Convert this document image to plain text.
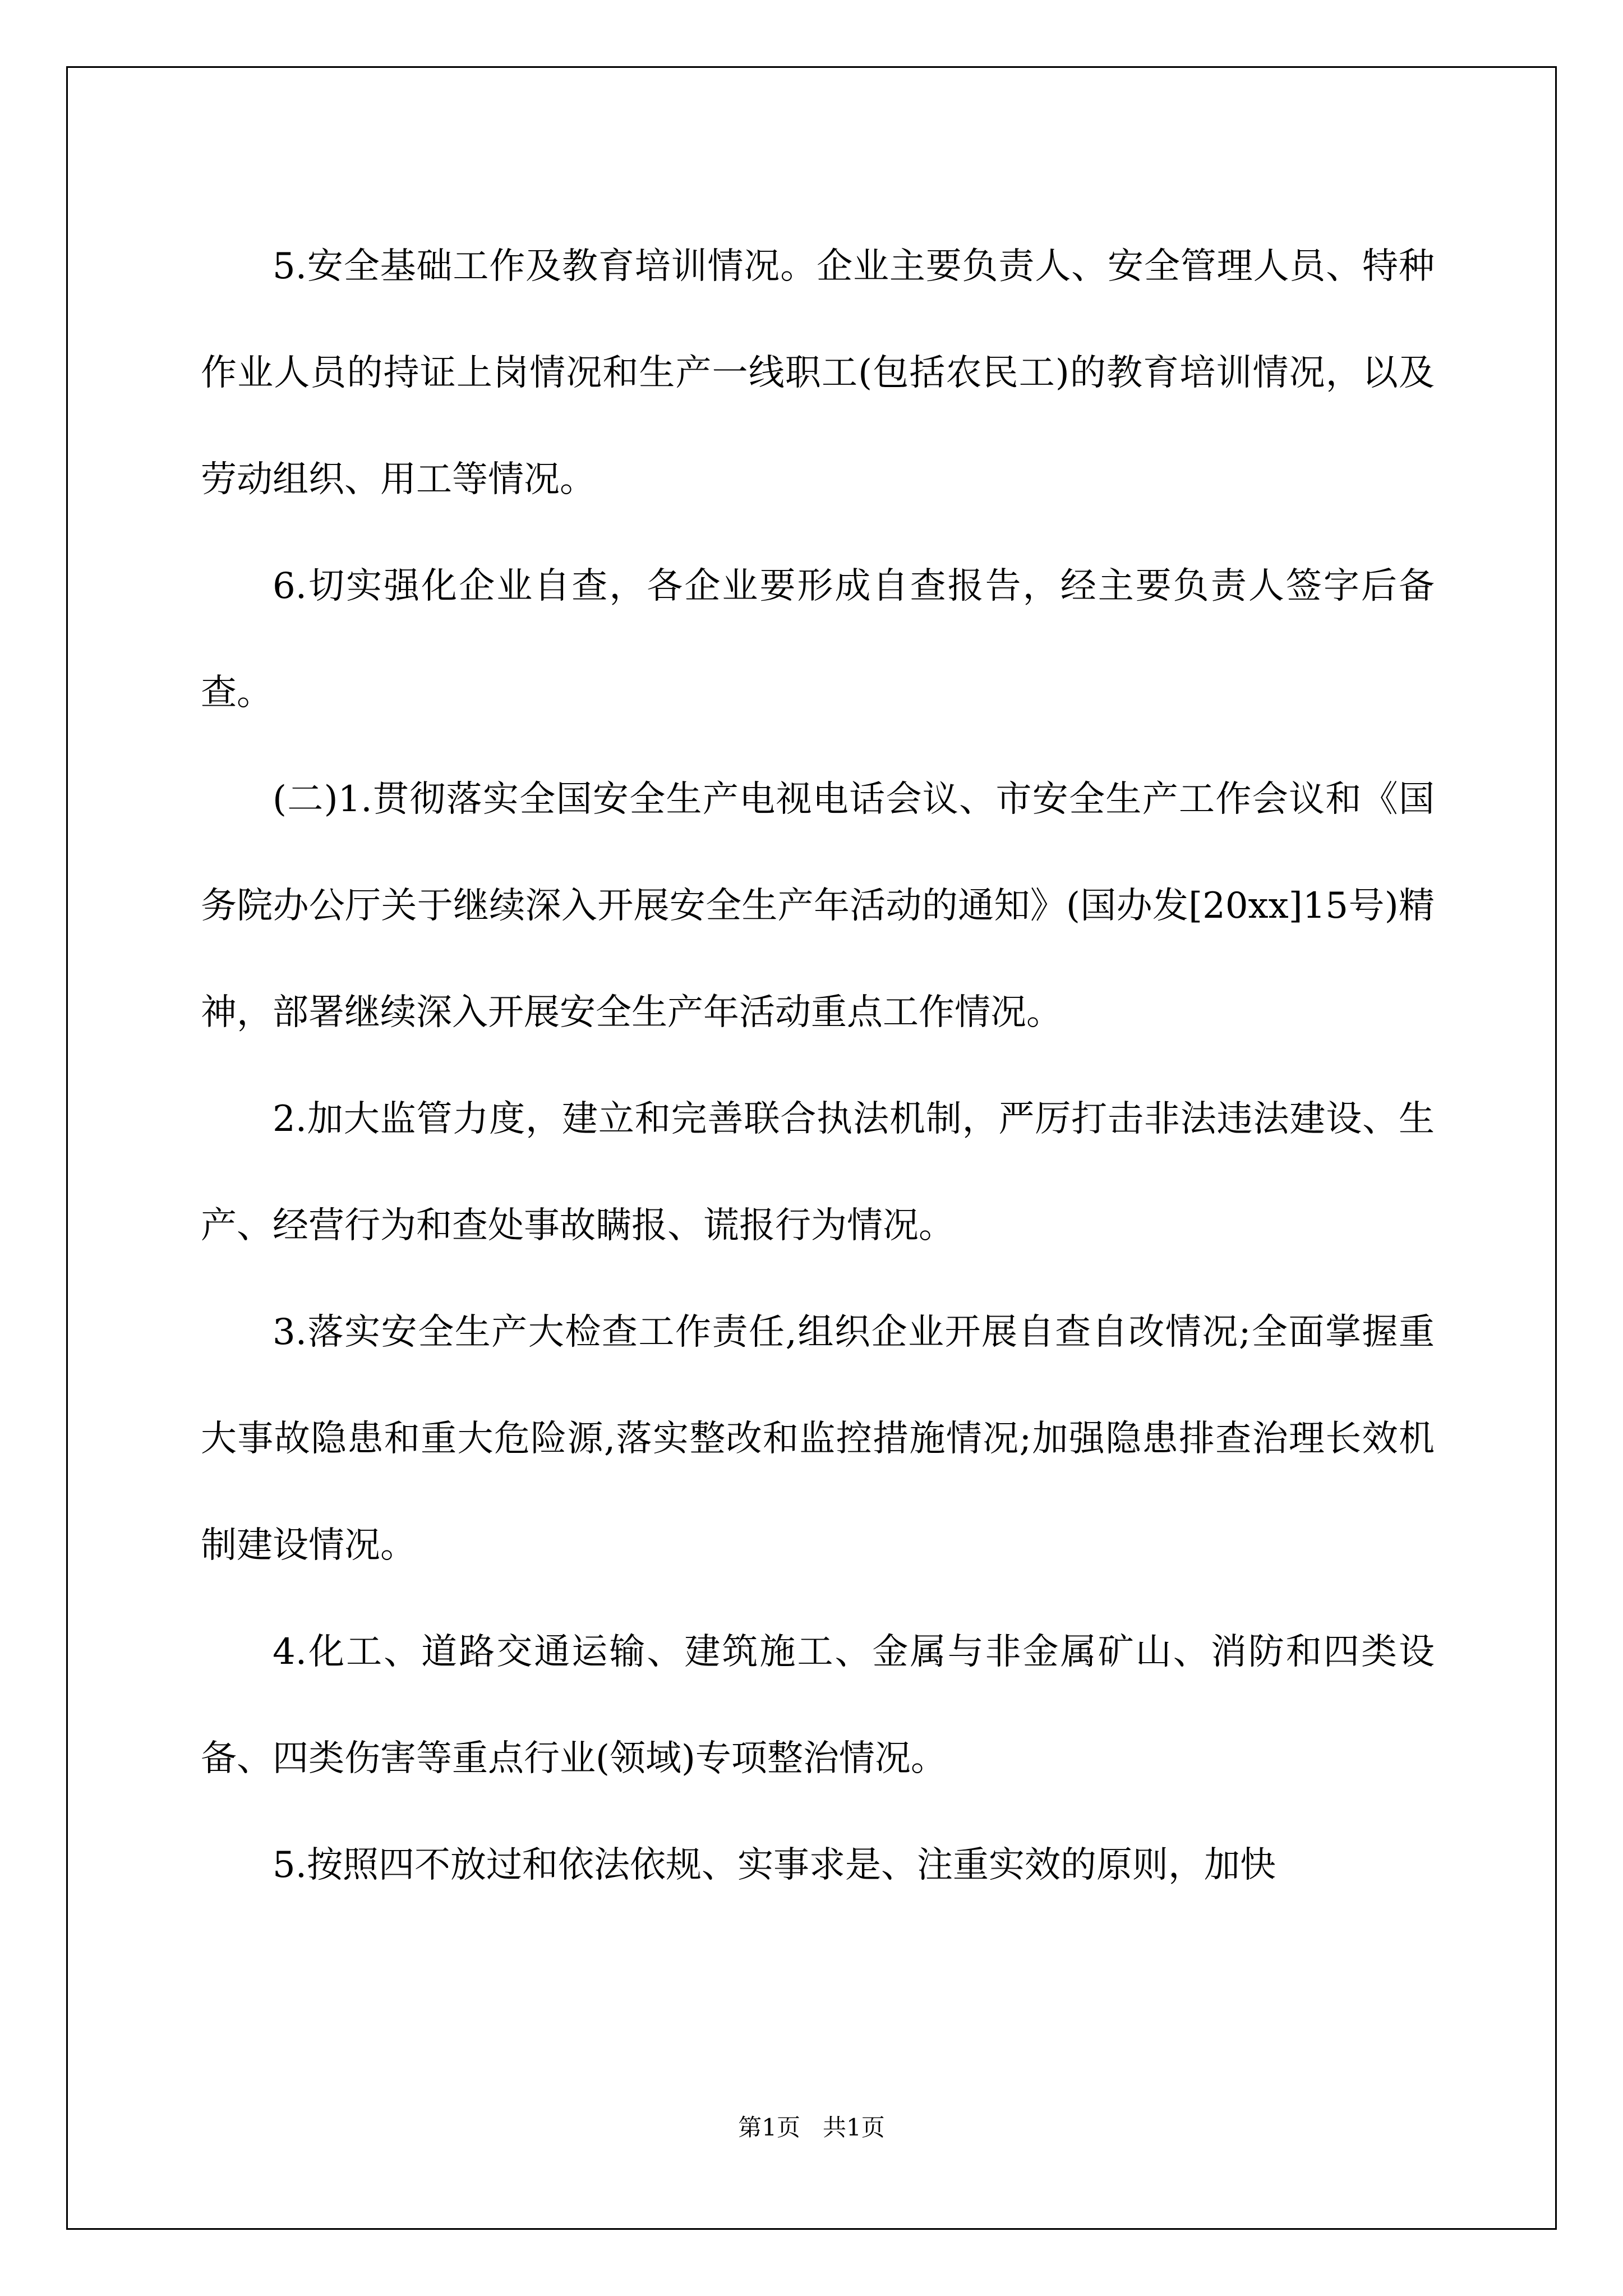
5.安全基础工作及教育培训情况。企业主要负责人、安全管理人员、特种作业人员的持证上岗情况和生产一线职工(包括农民工)的教育培训情况，以及劳动组织、用工等情况。

6.切实强化企业自查，各企业要形成自查报告，经主要负责人签字后备查。

(二)1.贯彻落实全国安全生产电视电话会议、市安全生产工作会议和《国务院办公厅关于继续深入开展安全生产年活动的通知》(国办发[20xx]15号)精神，部署继续深入开展安全生产年活动重点工作情况。

2.加大监管力度，建立和完善联合执法机制，严厉打击非法违法建设、生产、经营行为和查处事故瞒报、谎报行为情况。

3.落实安全生产大检查工作责任,组织企业开展自查自改情况;全面掌握重大事故隐患和重大危险源,落实整改和监控措施情况;加强隐患排查治理长效机制建设情况。

4.化工、道路交通运输、建筑施工、金属与非金属矿山、消防和四类设备、四类伤害等重点行业(领域)专项整治情况。

5.按照四不放过和依法依规、实事求是、注重实效的原则，加快

第1页 共1页
